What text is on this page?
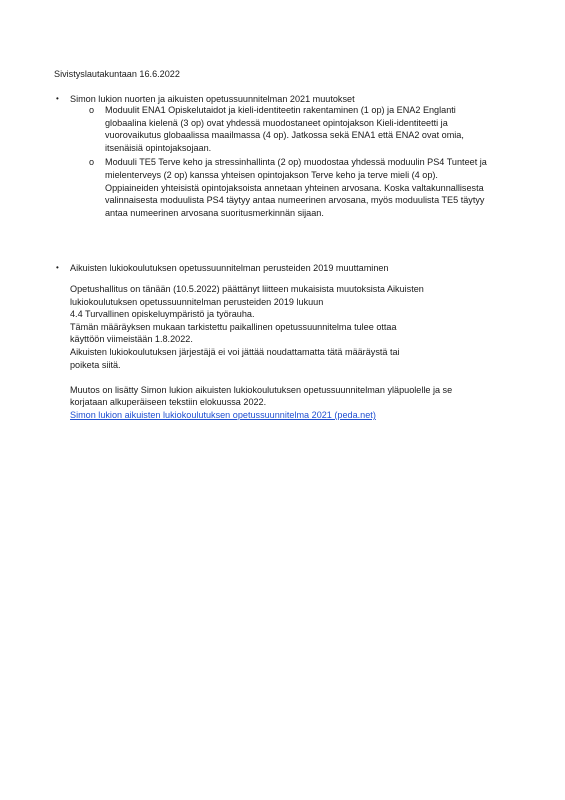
Sivistyslautakuntaan 16.6.2022
•	Simon lukion nuorten ja aikuisten opetussuunnitelman 2021 muutokset
o	Moduulit ENA1 Opiskelutaidot ja kieli-identiteetin rakentaminen (1 op) ja ENA2 Englanti

globaalina kielenä (3 op) ovat yhdessä muodostaneet opintojakson Kieli-identiteetti ja

vuorovaikutus globaalissa maailmassa (4 op). Jatkossa sekä ENA1 että ENA2 ovat omia,

itsenäisiä opintojaksojaan.

o	Moduuli TE5 Terve keho ja stressinhallinta (2 op) muodostaa yhdessä moduulin PS4 Tunteet ja

mielenterveys (2 op) kanssa yhteisen opintojakson Terve keho ja terve mieli (4 op).

Oppiaineiden yhteisistä opintojaksoista annetaan yhteinen arvosana. Koska valtakunnallisesta

valinnaisesta moduulista PS4 täytyy antaa numeerinen arvosana, myös moduulista TE5 täytyy

antaa numeerinen arvosana suoritusmerkinnän sijaan.

•	Aikuisten lukiokoulutuksen opetussuunnitelman perusteiden 2019 muuttaminen

Opetushallitus on tänään (10.5.2022) päättänyt liitteen mukaisista muutoksista Aikuisten

lukiokoulutuksen opetussuunnitelman perusteiden 2019 lukuun

4.4 Turvallinen opiskeluympäristö ja työrauha.

Tämän määräyksen mukaan tarkistettu paikallinen opetussuunnitelma tulee ottaa

käyttöön viimeistään 1.8.2022.

Aikuisten lukiokoulutuksen järjestäjä ei voi jättää noudattamatta tätä määräystä tai

poiketa siitä.

Muutos on lisätty Simon lukion aikuisten lukiokoulutuksen opetussuunnitelman yläpuolelle ja se

korjataan alkuperäiseen tekstiin elokuussa 2022.

Simon lukion aikuisten lukiokoulutuksen opetussuunnitelma 2021 (peda.net)
